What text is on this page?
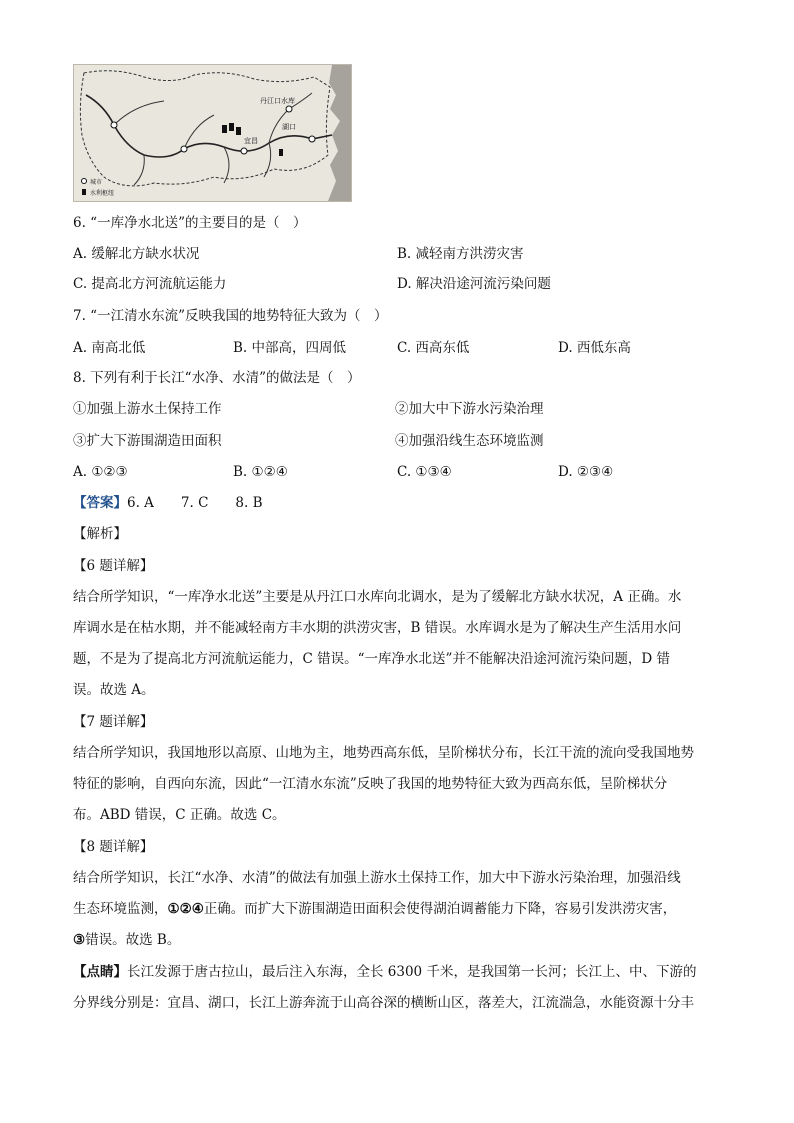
丹江口水库
宜昌
湖口
城市
水利枢纽
6. “一库净水北送”的主要目的是（　）
A. 缓解北方缺水状况	B. 减轻南方洪涝灾害
C. 提高北方河流航运能力	D. 解决沿途河流污染问题
7. “一江清水东流”反映我国的地势特征大致为（　）
A. 南高北低	B. 中部高，四周低	C. 西高东低	D. 西低东高
8. 下列有利于长江“水净、水清”的做法是（　）
①加强上游水土保持工作	②加大中下游水污染治理
③扩大下游围湖造田面积	④加强沿线生态环境监测
A. ①②③	B. ①②④	C. ①③④	D. ②③④
【答案】6. A　　7. C　　8. B
【解析】
【6 题详解】
结合所学知识，“一库净水北送”主要是从丹江口水库向北调水，是为了缓解北方缺水状况，A 正确。水
库调水是在枯水期，并不能减轻南方丰水期的洪涝灾害，B 错误。水库调水是为了解决生产生活用水问
题，不是为了提高北方河流航运能力，C 错误。“一库净水北送”并不能解决沿途河流污染问题，D 错
误。故选 A。
【7 题详解】
结合所学知识，我国地形以高原、山地为主，地势西高东低，呈阶梯状分布，长江干流的流向受我国地势
特征的影响，自西向东流，因此“一江清水东流”反映了我国的地势特征大致为西高东低，呈阶梯状分
布。ABD 错误，C 正确。故选 C。
【8 题详解】
结合所学知识，长江“水净、水清”的做法有加强上游水土保持工作，加大中下游水污染治理，加强沿线
生态环境监测，①②④正确。而扩大下游围湖造田面积会使得湖泊调蓄能力下降，容易引发洪涝灾害，
③错误。故选 B。
【点睛】长江发源于唐古拉山，最后注入东海，全长 6300 千米，是我国第一长河；长江上、中、下游的
分界线分别是：宜昌、湖口，长江上游奔流于山高谷深的横断山区，落差大，江流湍急，水能资源十分丰
